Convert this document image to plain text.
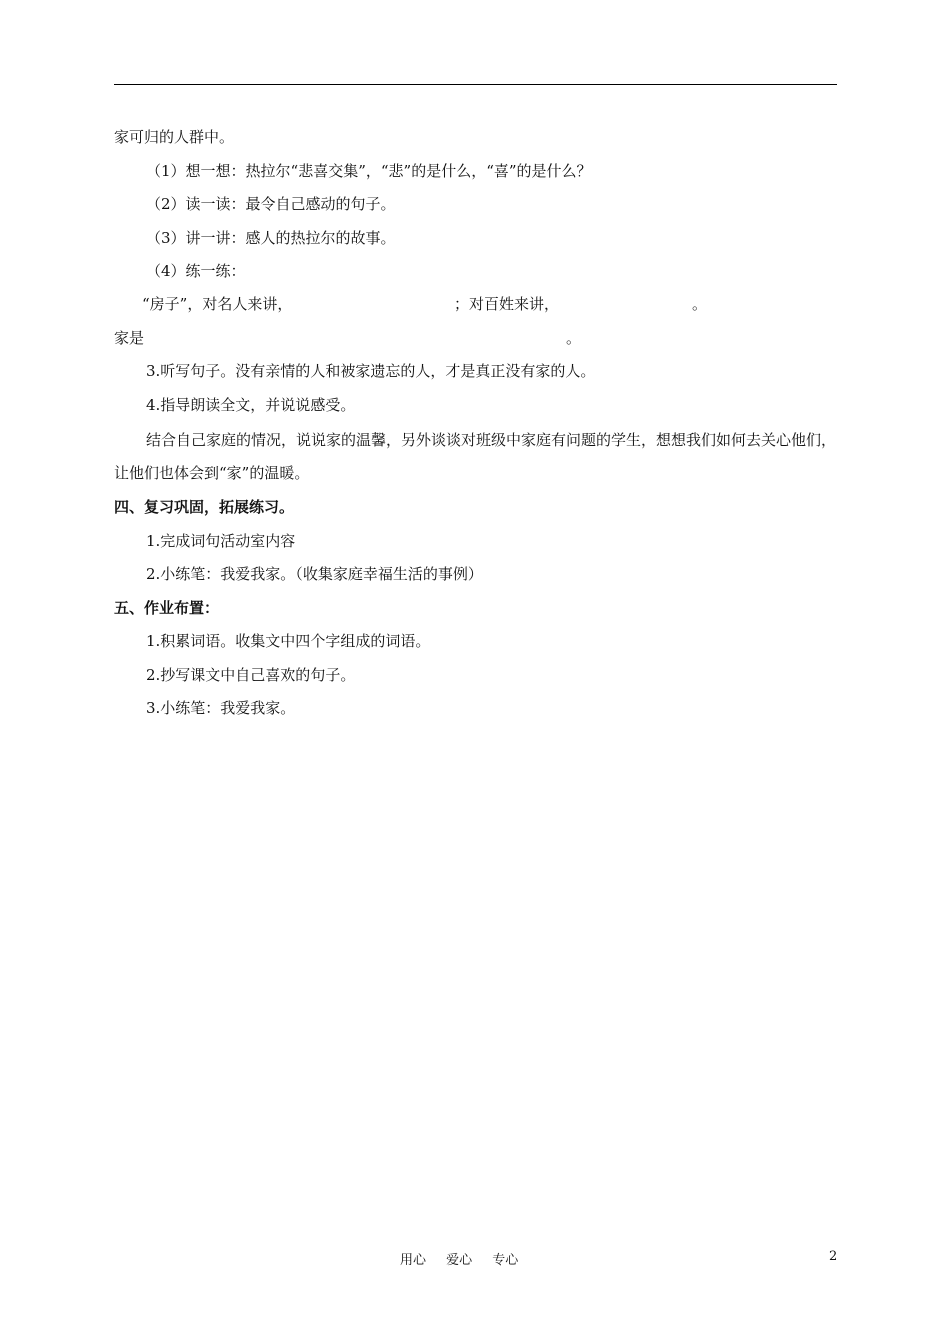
家可归的人群中。
（1）想一想：热拉尔“悲喜交集”，“悲”的是什么，“喜”的是什么？
（2）读一读：最令自己感动的句子。
（3）讲一讲：感人的热拉尔的故事。
（4）练一练：
“房子”，对名人来讲，	；对百姓来讲，	。
家是	。
3.听写句子。没有亲情的人和被家遗忘的人，才是真正没有家的人。
4.指导朗读全文，并说说感受。
结合自己家庭的情况，说说家的温馨，另外谈谈对班级中家庭有问题的学生，想想我们如何去关心他们，让他们也体会到“家”的温暖。
四、复习巩固，拓展练习。
1.完成词句活动室内容
2.小练笔：我爱我家。（收集家庭幸福生活的事例）
五、作业布置：
1.积累词语。收集文中四个字组成的词语。
2.抄写课文中自己喜欢的句子。
3.小练笔：我爱我家。
用心 爱心 专心	2
